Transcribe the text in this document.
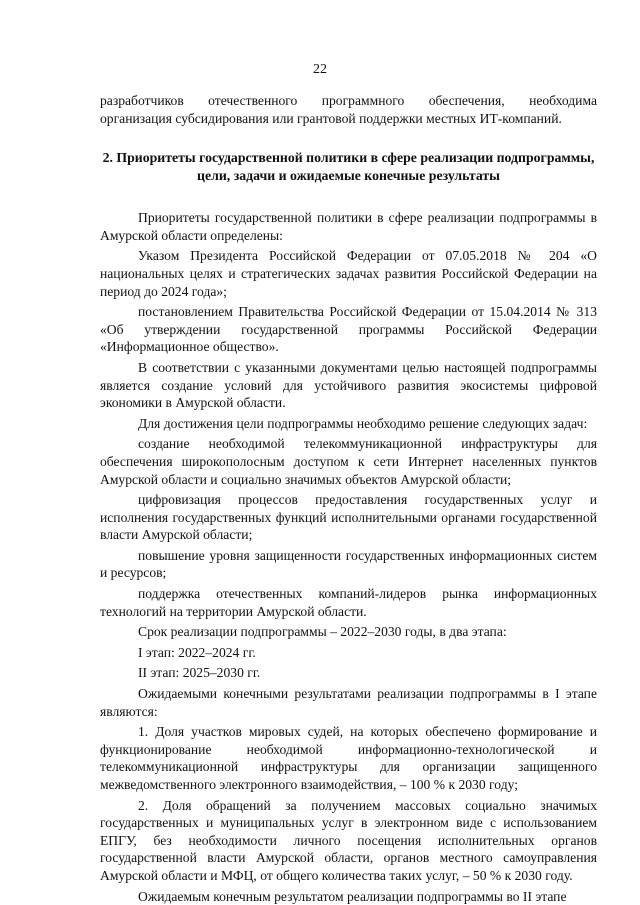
22

разработчиков отечественного программного обеспечения, необходима

организация субсидирования или грантовой поддержки местных ИТ-компаний.

2. Приоритеты государственной политики в сфере реализации подпрограммы, цели, задачи и ожидаемые конечные результаты

Приоритеты государственной политики в сфере реализации подпрограммы в Амурской области определены:

Указом Президента Российской Федерации от 07.05.2018 № 204 «О национальных целях и стратегических задачах развития Российской Федерации на период до 2024 года»;

постановлением Правительства Российской Федерации от 15.04.2014 № 313 «Об утверждении государственной программы Российской Федерации «Информационное общество».

В соответствии с указанными документами целью настоящей подпрограммы является создание условий для устойчивого развития экосистемы цифровой экономики в Амурской области.

Для достижения цели подпрограммы необходимо решение следующих задач:

создание необходимой телекоммуникационной инфраструктуры для обеспечения широкополосным доступом к сети Интернет населенных пунктов Амурской области и социально значимых объектов Амурской области;

цифровизация процессов предоставления государственных услуг и исполнения государственных функций исполнительными органами государственной власти Амурской области;

повышение уровня защищенности государственных информационных систем и ресурсов;

поддержка отечественных компаний-лидеров рынка информационных технологий на территории Амурской области.

Срок реализации подпрограммы – 2022–2030 годы, в два этапа:

I этап: 2022–2024 гг.

II этап: 2025–2030 гг.

Ожидаемыми конечными результатами реализации подпрограммы в I этапе являются:

1. Доля участков мировых судей, на которых обеспечено формирование и функционирование необходимой информационно-технологической и телекоммуникационной инфраструктуры для организации защищенного межведомственного электронного взаимодействия, – 100 % к 2030 году;

2. Доля обращений за получением массовых социально значимых государственных и муниципальных услуг в электронном виде с использованием ЕПГУ, без необходимости личного посещения исполнительных органов государственной власти Амурской области, органов местного самоуправления Амурской области и МФЦ, от общего количества таких услуг, – 50 % к 2030 году.

Ожидаемым конечным результатом реализации подпрограммы во II этапе
